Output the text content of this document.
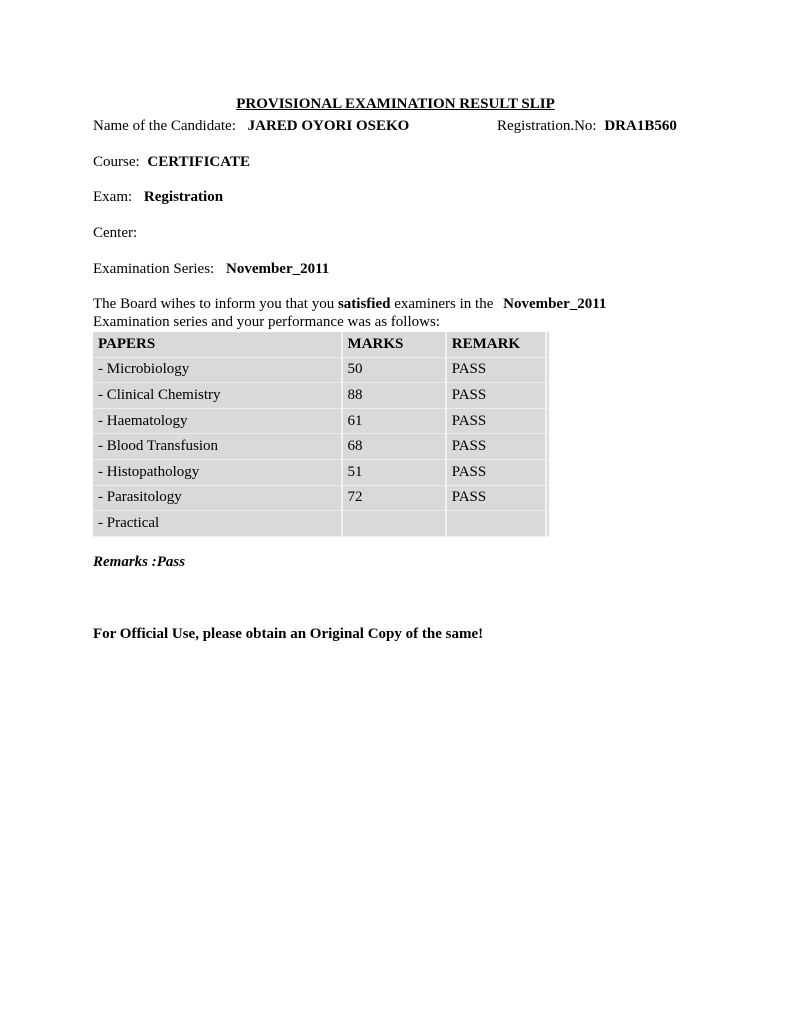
PROVISIONAL EXAMINATION RESULT SLIP
Name of the Candidate: JARED OYORI OSEKO	Registration.No: DRA1B560
Course: CERTIFICATE
Exam: Registration
Center:
Examination Series: November_2011
The Board wihes to inform you that you satisfied examiners in the November_2011
Examination series and your performance was as follows:
PAPERS	MARKS	REMARK	
- Microbiology	50	PASS	
- Clinical Chemistry	88	PASS	
- Haematology	61	PASS	
- Blood Transfusion	68	PASS	
- Histopathology	51	PASS	
- Parasitology	72	PASS	
- Practical			
Remarks :Pass
For Official Use, please obtain an Original Copy of the same!
